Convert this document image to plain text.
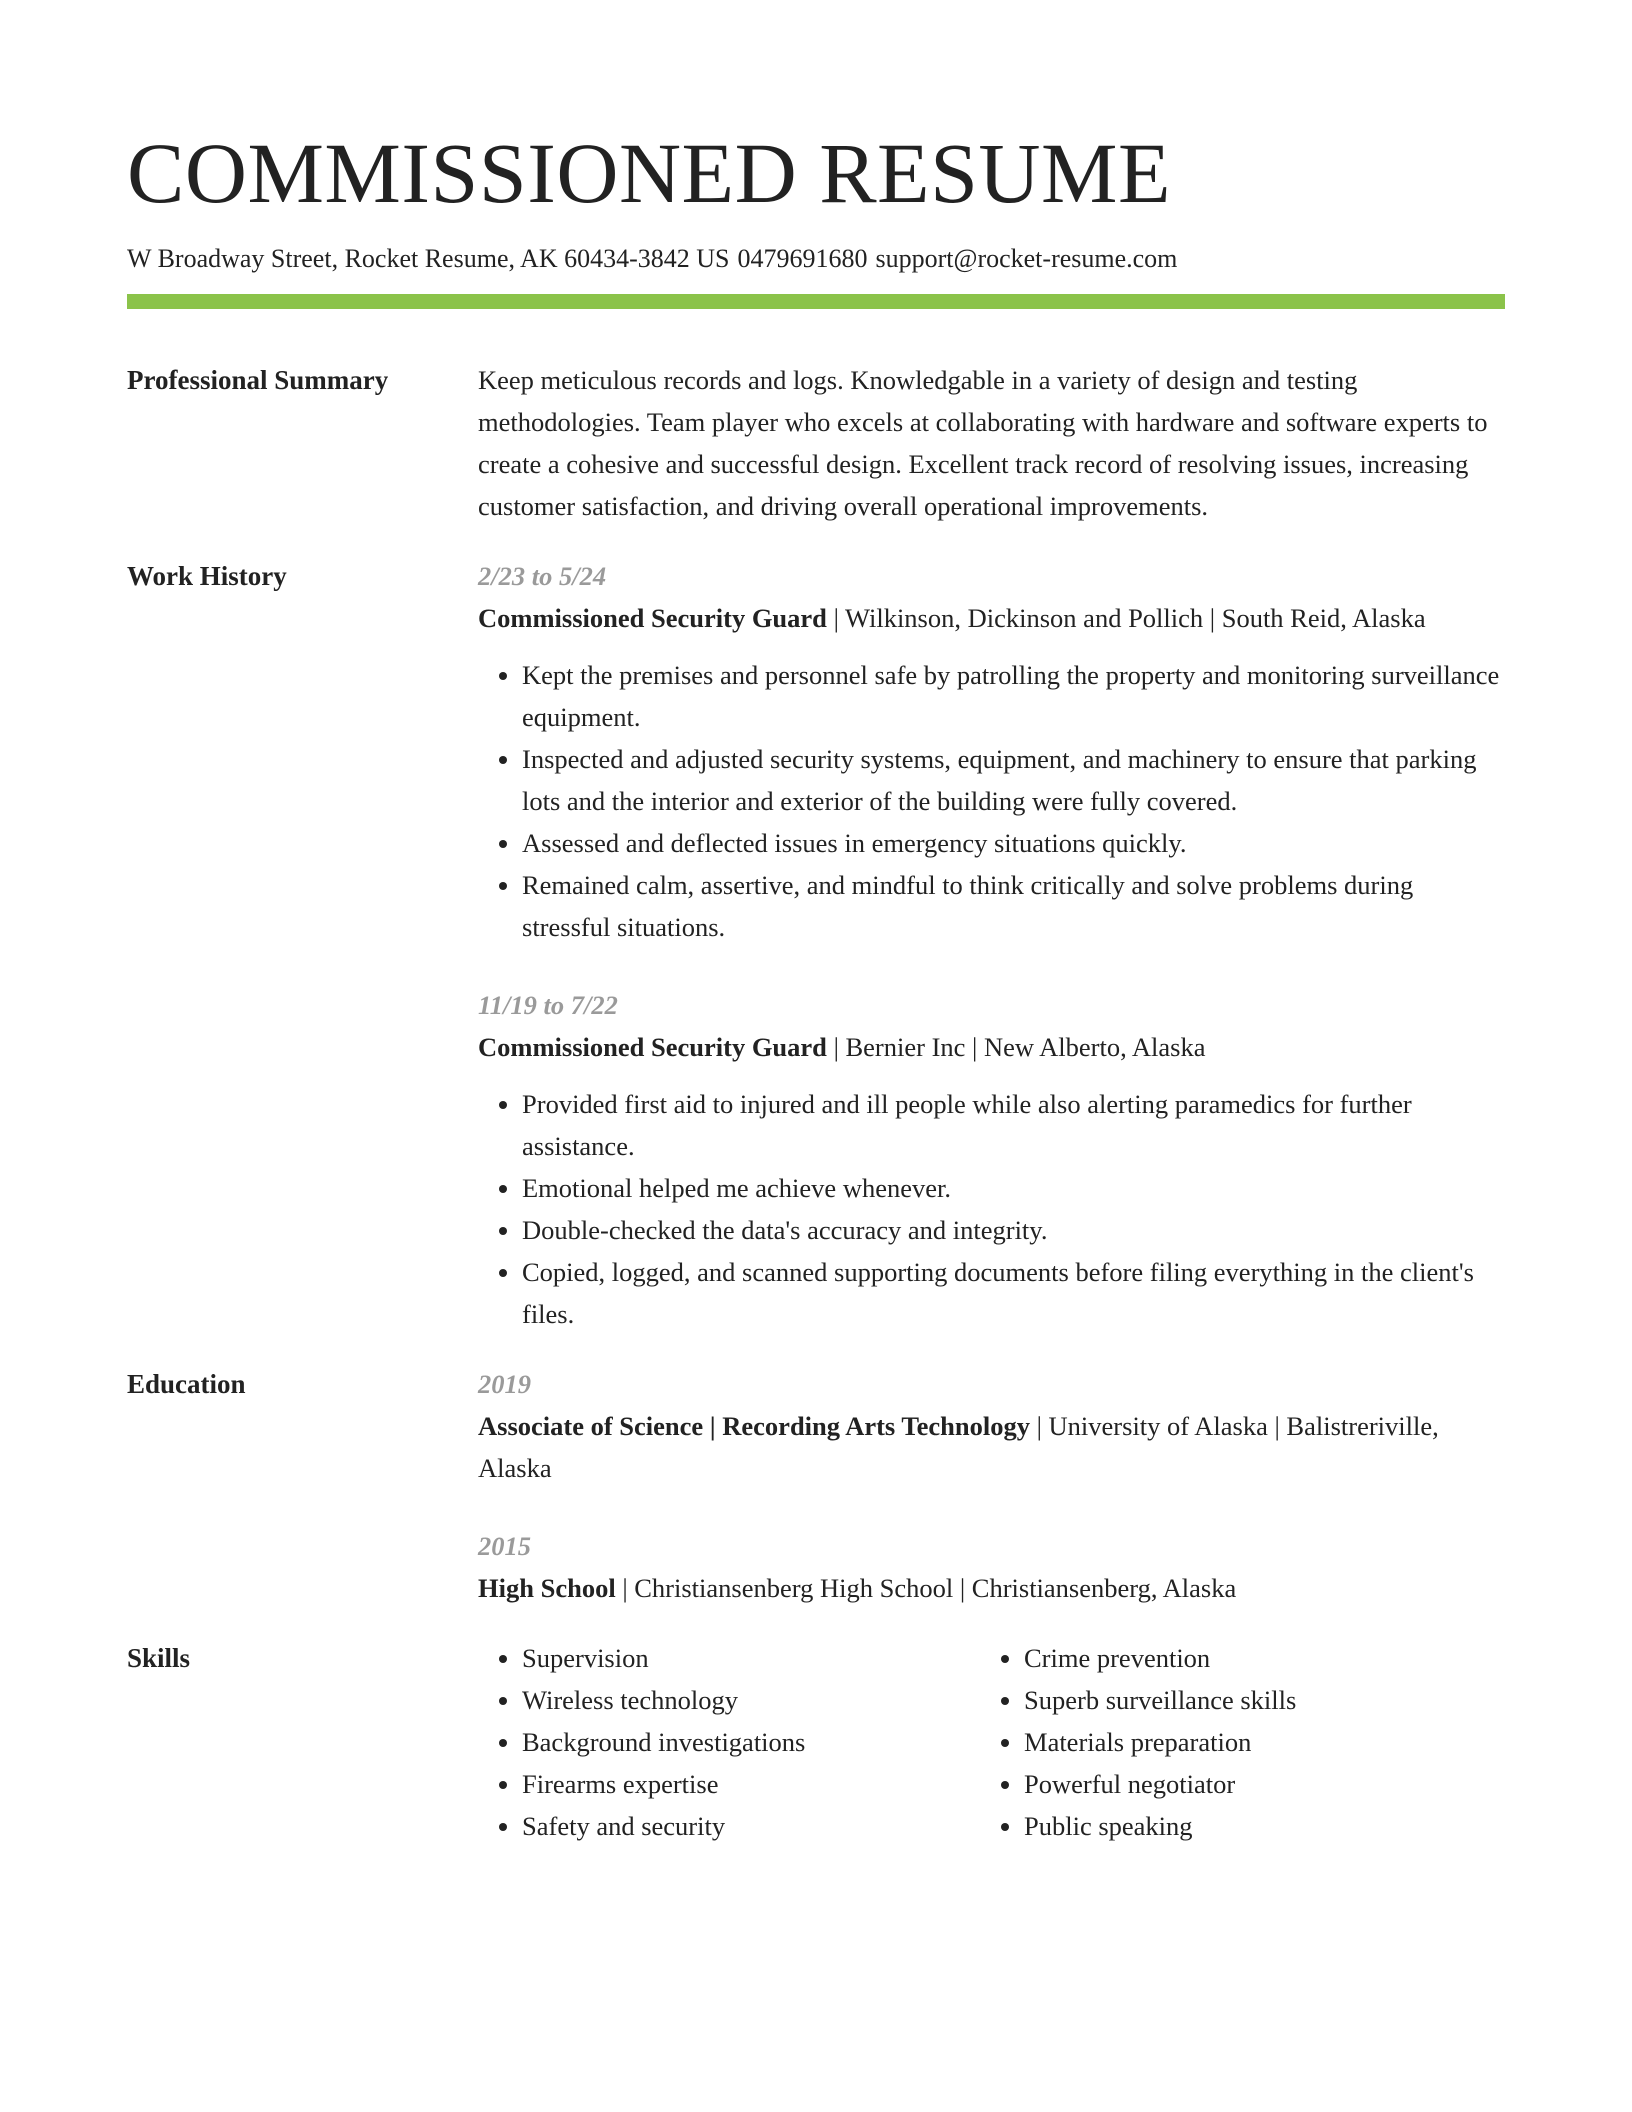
COMMISSIONED RESUME
W Broadway Street, Rocket Resume, AK 60434-3842 US 0479691680 support@rocket-resume.com
Professional Summary	Keep meticulous records and logs. Knowledgable in a variety of design and testing methodologies. Team player who excels at collaborating with hardware and software experts to create a cohesive and successful design. Excellent track record of resolving issues, increasing customer satisfaction, and driving overall operational improvements.
Work History	2/23 to 5/24
Commissioned Security Guard | Wilkinson, Dickinson and Pollich | South Reid, Alaska
• Kept the premises and personnel safe by patrolling the property and monitoring surveillance equipment.
• Inspected and adjusted security systems, equipment, and machinery to ensure that parking lots and the interior and exterior of the building were fully covered.
• Assessed and deflected issues in emergency situations quickly.
• Remained calm, assertive, and mindful to think critically and solve problems during stressful situations.
11/19 to 7/22
Commissioned Security Guard | Bernier Inc | New Alberto, Alaska
• Provided first aid to injured and ill people while also alerting paramedics for further assistance.
• Emotional helped me achieve whenever.
• Double-checked the data's accuracy and integrity.
• Copied, logged, and scanned supporting documents before filing everything in the client's files.
Education	2019
Associate of Science | Recording Arts Technology | University of Alaska | Balistreriville, Alaska
2015
High School | Christiansenberg High School | Christiansenberg, Alaska
Skills
•	Supervision
• Wireless technology
• Background investigations
• Firearms expertise
• Safety and security
• Crime prevention
• Superb surveillance skills
• Materials preparation
• Powerful negotiator
• Public speaking
